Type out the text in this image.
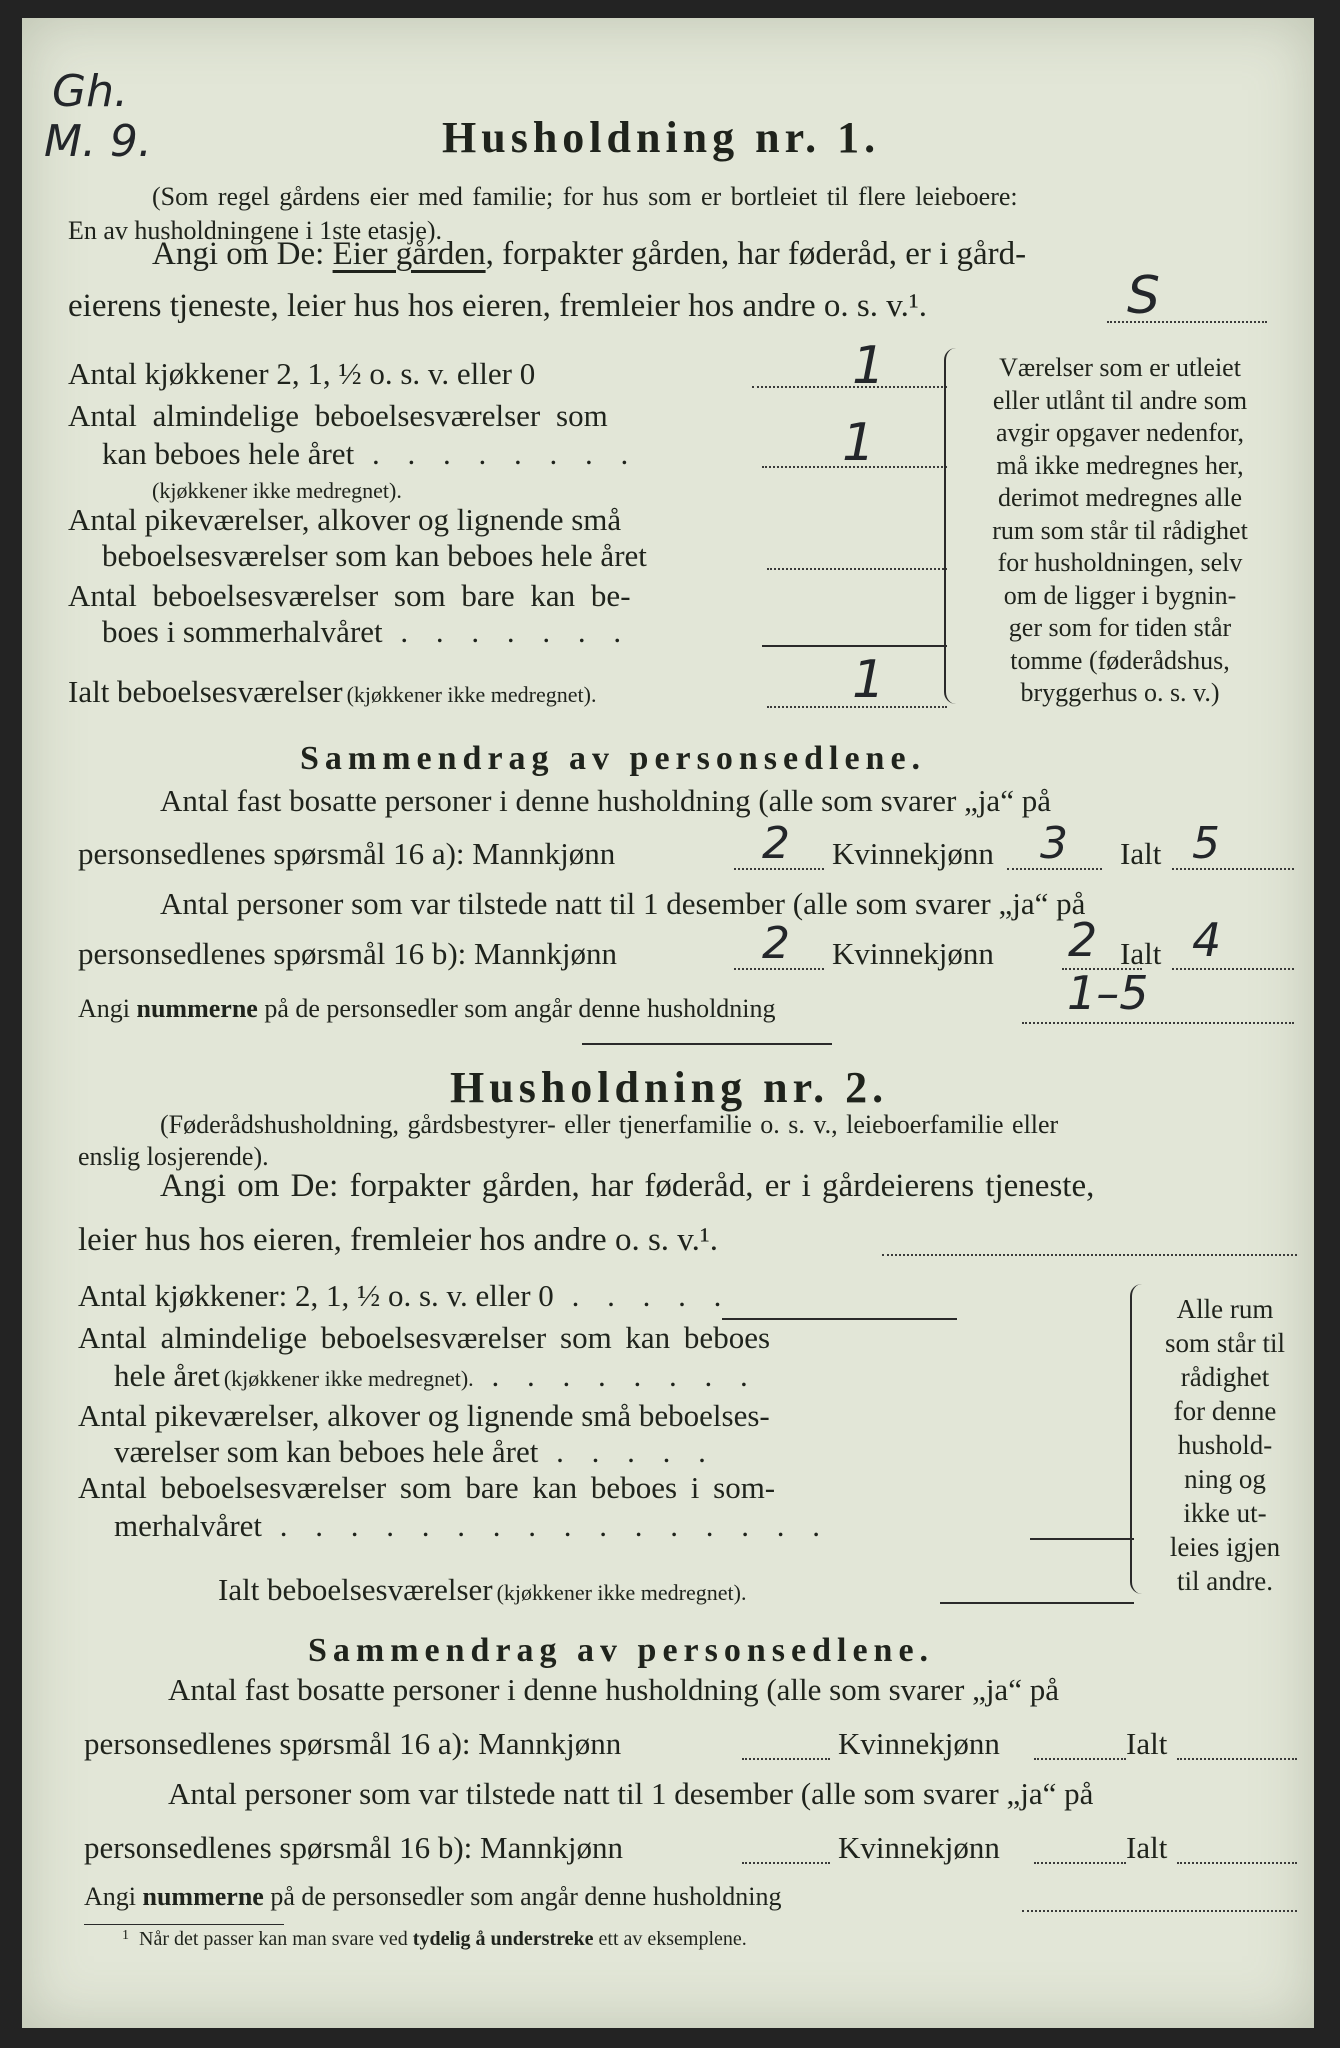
Gh.
M. 9.	Husholdning nr. 1.
(Som regel gårdens eier med familie; for hus som er bortleiet til flere leieboere:
En av husholdningene i 1ste etasje).
Angi om De: Eier gården, forpakter gården, har føderåd, er i gård-
eierens tjeneste, leier hus hos eieren, fremleier hos andre o. s. v.¹.	S
Antal kjøkkener 2, 1, ½ o. s. v. eller 0	1
Antal almindelige beboelsesværelser som
kan beboes hele året . . . . . . . .	1
(kjøkkener ikke medregnet).
Antal pikeværelser, alkover og lignende små
beboelsesværelser som kan beboes hele året
Antal beboelsesværelser som bare kan be-
boes i sommerhalvåret . . . . . . .
Ialt beboelsesværelser (kjøkkener ikke medregnet).	1
Værelser som er utleiet
eller utlånt til andre som
avgir opgaver nedenfor,
må ikke medregnes her,
derimot medregnes alle
rum som står til rådighet
for husholdningen, selv
om de ligger i bygnin-
ger som for tiden står
tomme (føderådshus,
bryggerhus o. s. v.)
Sammendrag av personsedlene.
Antal fast bosatte personer i denne husholdning (alle som svarer „ja“ på
personsedlenes spørsmål 16 a): Mannkjønn	2 Kvinnekjønn 3 Ialt 5
Antal personer som var tilstede natt til 1 desember (alle som svarer „ja“ på
personsedlenes spørsmål 16 b): Mannkjønn	2 Kvinnekjønn 2 Ialt 4
Angi nummerne på de personsedler som angår denne husholdning	1–5
Husholdning nr. 2.
(Føderådshusholdning, gårdsbestyrer- eller tjenerfamilie o. s. v., leieboerfamilie eller
enslig losjerende).
Angi om De: forpakter gården, har føderåd, er i gårdeierens tjeneste,
leier hus hos eieren, fremleier hos andre o. s. v.¹.
Antal kjøkkener: 2, 1, ½ o. s. v. eller 0 . . . . .
Antal almindelige beboelsesværelser som kan beboes
hele året (kjøkkener ikke medregnet). . . . . . . . .
Antal pikeværelser, alkover og lignende små beboelses-
værelser som kan beboes hele året . . . . .
Antal beboelsesværelser som bare kan beboes i som-
merhalvåret . . . . . . . . . . . . . . . .
Ialt beboelsesværelser (kjøkkener ikke medregnet).
Alle rum
som står til
rådighet
for denne
hushold-
ning og
ikke ut-
leies igjen
til andre.
Sammendrag av personsedlene.
Antal fast bosatte personer i denne husholdning (alle som svarer „ja“ på
personsedlenes spørsmål 16 a): Mannkjønn	Kvinnekjønn	Ialt
Antal personer som var tilstede natt til 1 desember (alle som svarer „ja“ på
personsedlenes spørsmål 16 b): Mannkjønn	Kvinnekjønn	Ialt
Angi nummerne på de personsedler som angår denne husholdning
$^1$ Når det passer kan man svare ved tydelig å understreke ett av eksemplene.
